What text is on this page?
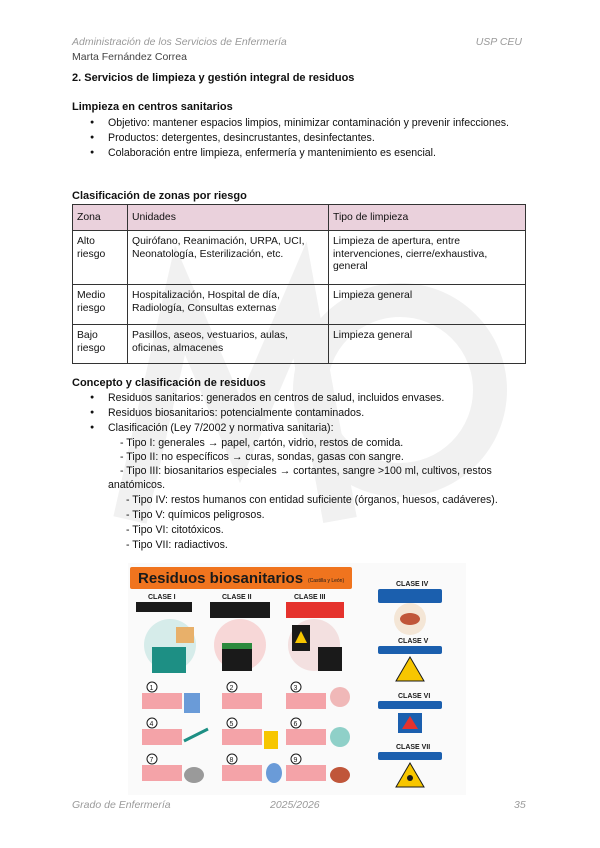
Administración de los Servicios de Enfermería	USP CEU
Marta Fernández Correa
2. Servicios de limpieza y gestión integral de residuos
Limpieza en centros sanitarios
● Objetivo: mantener espacios limpios, minimizar contaminación y prevenir infecciones.
● Productos: detergentes, desincrustantes, desinfectantes.
● Colaboración entre limpieza, enfermería y mantenimiento es esencial.
Clasificación de zonas por riesgo
Zona	Unidades	Tipo de limpieza
Alto riesgo	Quirófano, Reanimación, URPA, UCI, Neonatología, Esterilización, etc.	Limpieza de apertura, entre intervenciones, cierre/exhaustiva, general
Medio riesgo	Hospitalización, Hospital de día, Radiología, Consultas externas	Limpieza general
Bajo riesgo	Pasillos, aseos, vestuarios, aulas, oficinas, almacenes	Limpieza general
Concepto y clasificación de residuos
● Residuos sanitarios: generados en centros de salud, incluidos envases.
● Residuos biosanitarios: potencialmente contaminados.
● Clasificación (Ley 7/2002 y normativa sanitaria):
- Tipo I: generales → papel, cartón, vidrio, restos de comida.
- Tipo II: no específicos → curas, sondas, gasas con sangre.
- Tipo III: biosanitarios especiales → cortantes, sangre >100 ml, cultivos, restos
anatómicos.
- Tipo IV: restos humanos con entidad suficiente (órganos, huesos, cadáveres).
- Tipo V: químicos peligrosos.
- Tipo VI: citotóxicos.
- Tipo VII: radiactivos.
Residuos biosanitarios (Castilla y León)
CLASE I	CLASE II	CLASE III
CLASE IV
CLASE V
CLASE VI
CLASE VII
1	2	3
4	5	6
7	8	9
Grado de Enfermería	2025/2026	35
